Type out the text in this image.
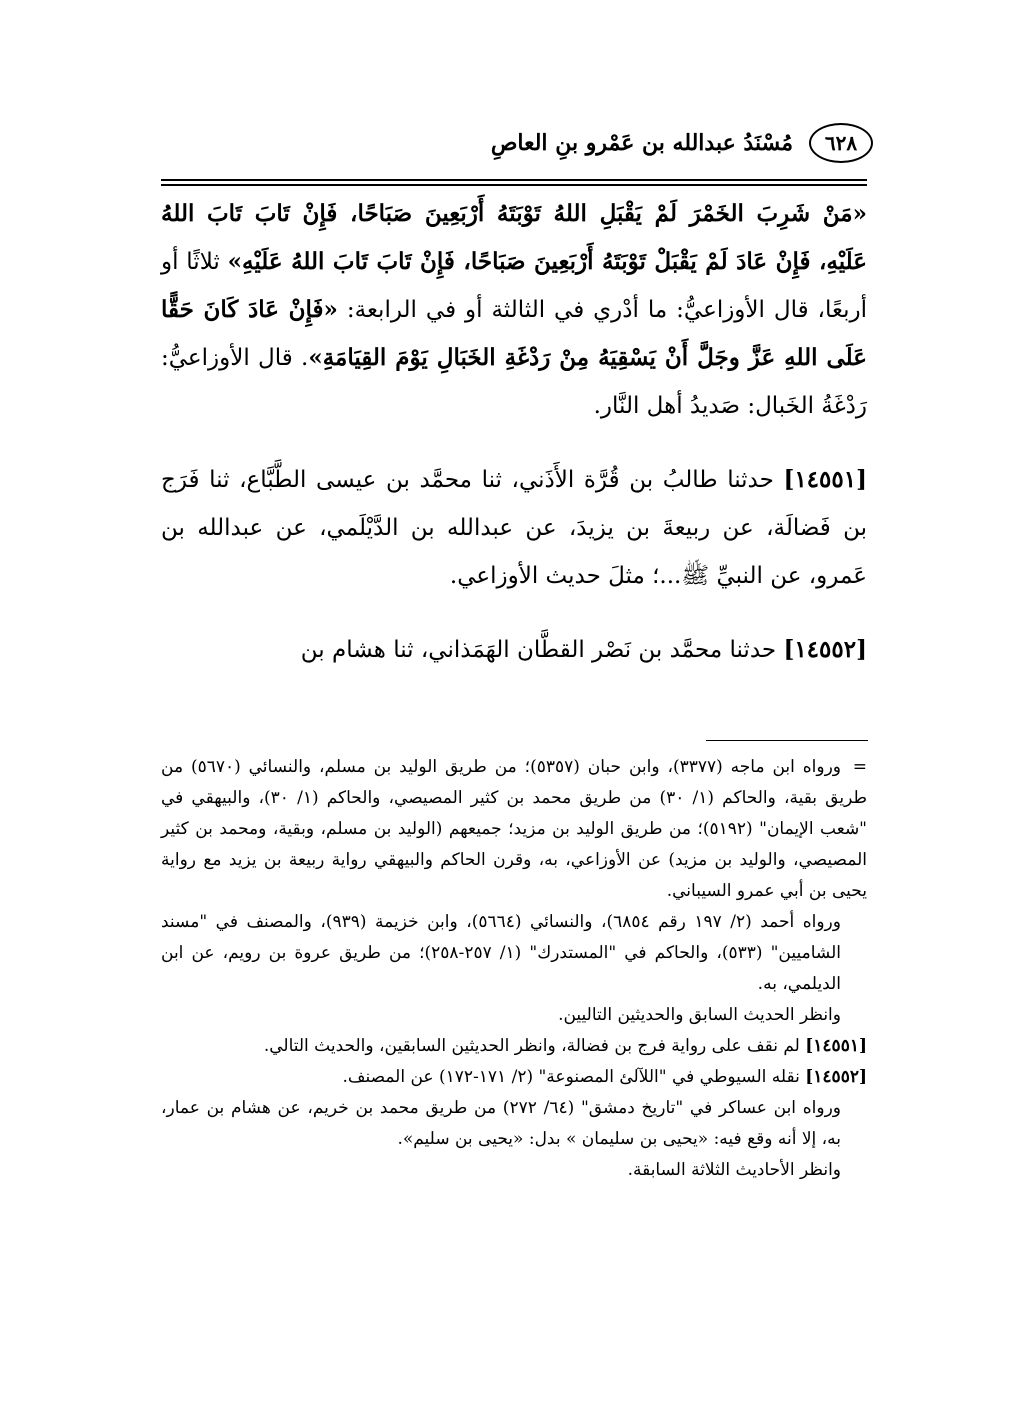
٦٢٨
مُسْنَدُ عبدالله بن عَمْرو بنِ العاصِ

«مَنْ شَرِبَ الخَمْرَ لَمْ يَقْبَلِ اللهُ تَوْبَتَهُ أَرْبَعِينَ صَبَاحًا، فَإِنْ تَابَ تَابَ اللهُ عَلَيْهِ، فَإِنْ عَادَ لَمْ يَقْبَلْ تَوْبَتَهُ أَرْبَعِينَ صَبَاحًا، فَإِنْ تَابَ تَابَ اللهُ عَلَيْهِ» ثلاثًا أو أربعًا، قال الأوزاعيُّ: ما أدْري في الثالثة أو في الرابعة: «فَإِنْ عَادَ كَانَ حَقًّا عَلَى اللهِ عَزَّ وجَلَّ أَنْ يَسْقِيَهُ مِنْ رَدْغَةِ الخَبَالِ يَوْمَ القِيَامَةِ». قال الأوزاعيُّ: رَدْغَةُ الخَبال: صَديدُ أهل النَّار.

[١٤٥٥١] حدثنا طالبُ بن قُرَّة الأَذَني، ثنا محمَّد بن عيسى الطَّبَّاع، ثنا فَرَج بن فَضالَة، عن ربيعةَ بن يزيدَ، عن عبدالله بن الدَّيْلَمي، عن عبدالله بن عَمرو، عن النبيِّ ﷺ...؛ مثلَ حديث الأوزاعي.

[١٤٥٥٢] حدثنا محمَّد بن نَصْر القطَّان الهَمَذاني، ثنا هشام بن

=
ورواه ابن ماجه (٣٣٧٧)، وابن حبان (٥٣٥٧)؛ من طريق الوليد بن مسلم، والنسائي (٥٦٧٠) من طريق بقية، والحاكم (١/ ٣٠) من طريق محمد بن كثير المصيصي، والحاكم (١/ ٣٠)، والبيهقي في "شعب الإيمان" (٥١٩٢)؛ من طريق الوليد بن مزيد؛ جميعهم (الوليد بن مسلم، وبقية، ومحمد بن كثير المصيصي، والوليد بن مزيد) عن الأوزاعي، به، وقرن الحاكم والبيهقي رواية ربيعة بن يزيد مع رواية يحيى بن أبي عمرو السيباني.

ورواه أحمد (٢/ ١٩٧ رقم ٦٨٥٤)، والنسائي (٥٦٦٤)، وابن خزيمة (٩٣٩)، والمصنف في "مسند الشاميين" (٥٣٣)، والحاكم في "المستدرك" (١/ ٢٥٧-٢٥٨)؛ من طريق عروة بن رويم، عن ابن الديلمي، به.

وانظر الحديث السابق والحديثين التاليين.

[١٤٥٥١] لم نقف على رواية فرج بن فضالة، وانظر الحديثين السابقين، والحديث التالي.

[١٤٥٥٢] نقله السيوطي في "اللآلئ المصنوعة" (٢/ ١٧١-١٧٢) عن المصنف.

ورواه ابن عساكر في "تاريخ دمشق" (٦٤/ ٢٧٢) من طريق محمد بن خريم، عن هشام بن عمار، به، إلا أنه وقع فيه: «يحيى بن سليمان » بدل: «يحيى بن سليم».

وانظر الأحاديث الثلاثة السابقة.
